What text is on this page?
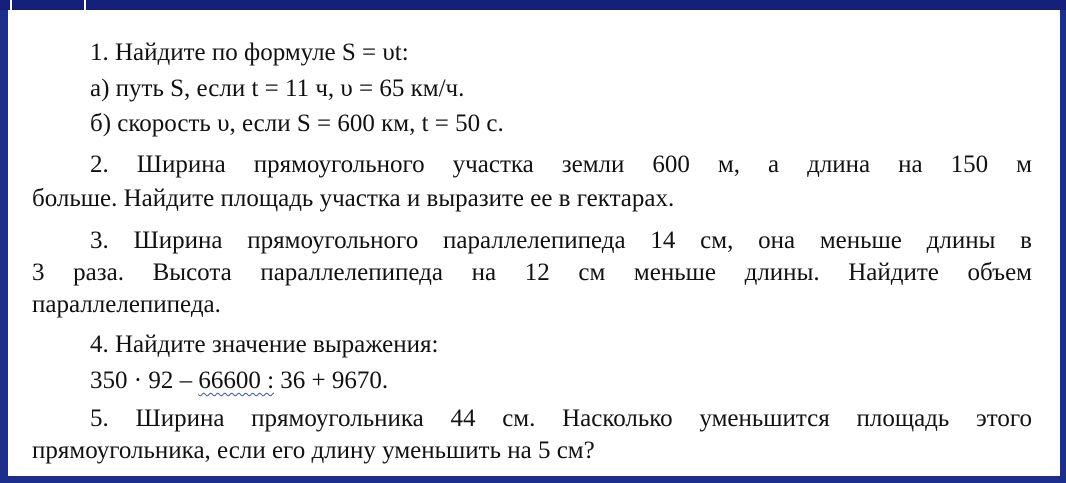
1. Найдите по формуле S = υt:
а) путь S, если t = 11 ч, υ = 65 км/ч.
б) скорость υ, если S = 600 км, t = 50 с.
2. Ширина прямоугольного участка земли 600 м, а длина на 150 м
больше. Найдите площадь участка и выразите ее в гектарах.
3. Ширина прямоугольного параллелепипеда 14 см, она меньше длины в
3 раза. Высота параллелепипеда на 12 см меньше длины. Найдите объем
параллелепипеда.
4. Найдите значение выражения:
350 · 92 – 66600 : 36 + 9670.
5. Ширина прямоугольника 44 см. Насколько уменьшится площадь этого
прямоугольника, если его длину уменьшить на 5 см?
